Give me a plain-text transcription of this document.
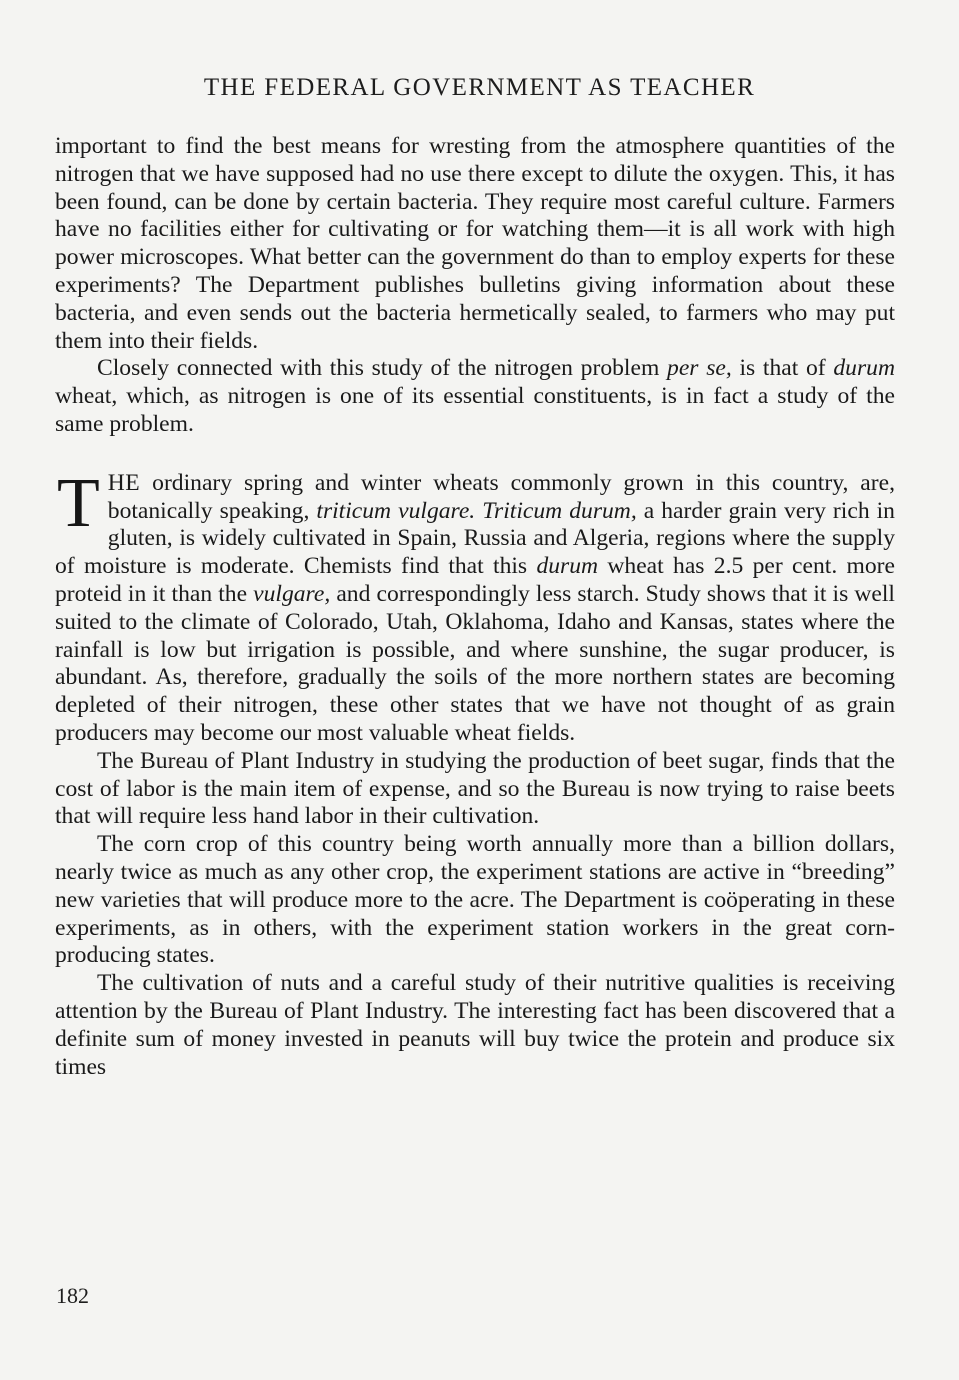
THE FEDERAL GOVERNMENT AS TEACHER

important to find the best means for wresting from the atmosphere quantities of the nitrogen that we have supposed had no use there except to dilute the oxygen. This, it has been found, can be done by certain bacteria. They require most careful culture. Farmers have no facilities either for cultivating or for watching them—it is all work with high power microscopes. What better can the government do than to employ experts for these experiments? The Department publishes bulletins giving information about these bacteria, and even sends out the bacteria hermetically sealed, to farmers who may put them into their fields.

Closely connected with this study of the nitrogen problem per se, is that of durum wheat, which, as nitrogen is one of its essential constituents, is in fact a study of the same problem.

THE ordinary spring and winter wheats commonly grown in this country, are, botanically speaking, triticum vulgare. Triticum durum, a harder grain very rich in gluten, is widely cultivated in Spain, Russia and Algeria, regions where the supply of moisture is moderate. Chemists find that this durum wheat has 2.5 per cent. more proteid in it than the vulgare, and correspondingly less starch. Study shows that it is well suited to the climate of Colorado, Utah, Oklahoma, Idaho and Kansas, states where the rainfall is low but irrigation is possible, and where sunshine, the sugar producer, is abundant. As, therefore, gradually the soils of the more northern states are becoming depleted of their nitrogen, these other states that we have not thought of as grain producers may become our most valuable wheat fields.

The Bureau of Plant Industry in studying the production of beet sugar, finds that the cost of labor is the main item of expense, and so the Bureau is now trying to raise beets that will require less hand labor in their cultivation.

The corn crop of this country being worth annually more than a billion dollars, nearly twice as much as any other crop, the experiment stations are active in “breeding” new varieties that will produce more to the acre. The Department is coöperating in these experiments, as in others, with the experiment station workers in the great corn-producing states.

The cultivation of nuts and a careful study of their nutritive qualities is receiving attention by the Bureau of Plant Industry. The interesting fact has been discovered that a definite sum of money invested in peanuts will buy twice the protein and produce six times

182
